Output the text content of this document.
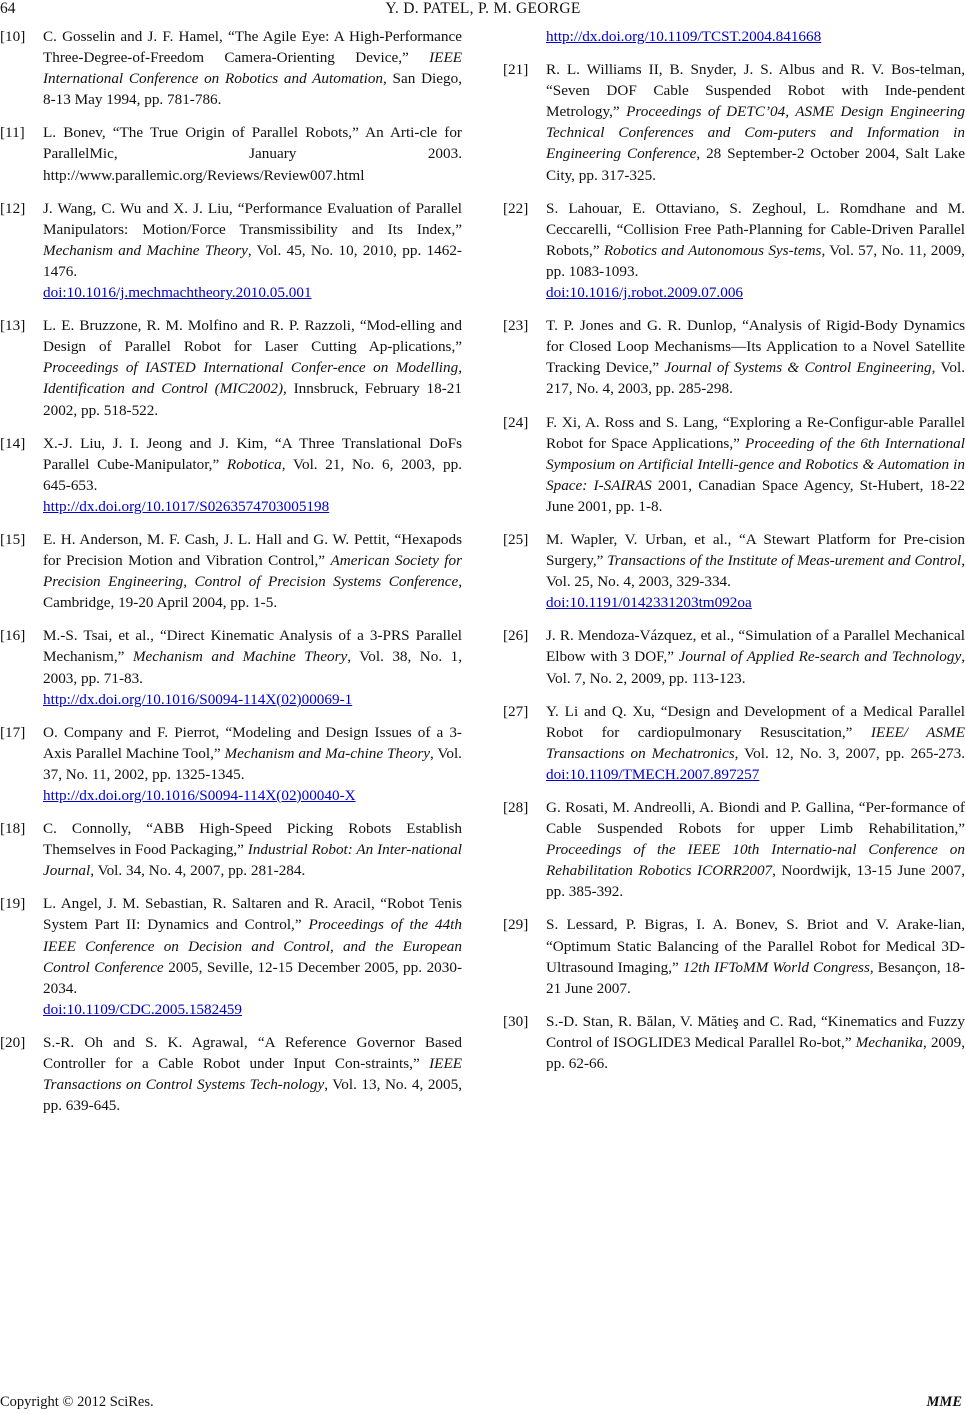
64	Y. D. PATEL, P. M. GEORGE
[10] C. Gosselin and J. F. Hamel, “The Agile Eye: A High-Performance Three-Degree-of-Freedom Camera-Orienting Device,” IEEE International Conference on Robotics and Automation, San Diego, 8-13 May 1994, pp. 781-786.
[11] L. Bonev, “The True Origin of Parallel Robots,” An Arti-cle for ParallelMic, January 2003. http://www.parallemic.org/Reviews/Review007.html
[12] J. Wang, C. Wu and X. J. Liu, “Performance Evaluation of Parallel Manipulators: Motion/Force Transmissibility and Its Index,” Mechanism and Machine Theory, Vol. 45, No. 10, 2010, pp. 1462-1476.
doi:10.1016/j.mechmachtheory.2010.05.001
[13] L. E. Bruzzone, R. M. Molfino and R. P. Razzoli, “Mod-elling and Design of Parallel Robot for Laser Cutting Ap-plications,” Proceedings of IASTED International Confer-ence on Modelling, Identification and Control (MIC2002), Innsbruck, February 18-21 2002, pp. 518-522.
[14] X.-J. Liu, J. I. Jeong and J. Kim, “A Three Translational DoFs Parallel Cube-Manipulator,” Robotica, Vol. 21, No. 6, 2003, pp. 645-653.
http://dx.doi.org/10.1017/S0263574703005198
[15] E. H. Anderson, M. F. Cash, J. L. Hall and G. W. Pettit, “Hexapods for Precision Motion and Vibration Control,” American Society for Precision Engineering, Control of Precision Systems Conference, Cambridge, 19-20 April 2004, pp. 1-5.
[16] M.-S. Tsai, et al., “Direct Kinematic Analysis of a 3-PRS Parallel Mechanism,” Mechanism and Machine Theory, Vol. 38, No. 1, 2003, pp. 71-83.
http://dx.doi.org/10.1016/S0094-114X(02)00069-1
[17] O. Company and F. Pierrot, “Modeling and Design Issues of a 3-Axis Parallel Machine Tool,” Mechanism and Ma-chine Theory, Vol. 37, No. 11, 2002, pp. 1325-1345.
http://dx.doi.org/10.1016/S0094-114X(02)00040-X
[18] C. Connolly, “ABB High-Speed Picking Robots Establish Themselves in Food Packaging,” Industrial Robot: An Inter-national Journal, Vol. 34, No. 4, 2007, pp. 281-284.
[19] L. Angel, J. M. Sebastian, R. Saltaren and R. Aracil, “Robot Tenis System Part II: Dynamics and Control,” Proceedings of the 44th IEEE Conference on Decision and Control, and the European Control Conference 2005, Seville, 12-15 December 2005, pp. 2030-2034.
doi:10.1109/CDC.2005.1582459
[20] S.-R. Oh and S. K. Agrawal, “A Reference Governor Based Controller for a Cable Robot under Input Con-straints,” IEEE Transactions on Control Systems Tech-nology, Vol. 13, No. 4, 2005, pp. 639-645.
http://dx.doi.org/10.1109/TCST.2004.841668
[21] R. L. Williams II, B. Snyder, J. S. Albus and R. V. Bos-telman, “Seven DOF Cable Suspended Robot with Inde-pendent Metrology,” Proceedings of DETC’04, ASME Design Engineering Technical Conferences and Com-puters and Information in Engineering Conference, 28 September-2 October 2004, Salt Lake City, pp. 317-325.
[22] S. Lahouar, E. Ottaviano, S. Zeghoul, L. Romdhane and M. Ceccarelli, “Collision Free Path-Planning for Cable-Driven Parallel Robots,” Robotics and Autonomous Sys-tems, Vol. 57, No. 11, 2009, pp. 1083-1093.
doi:10.1016/j.robot.2009.07.006
[23] T. P. Jones and G. R. Dunlop, “Analysis of Rigid-Body Dynamics for Closed Loop Mechanisms—Its Application to a Novel Satellite Tracking Device,” Journal of Systems & Control Engineering, Vol. 217, No. 4, 2003, pp. 285-298.
[24] F. Xi, A. Ross and S. Lang, “Exploring a Re-Configur-able Parallel Robot for Space Applications,” Proceeding of the 6th International Symposium on Artificial Intelli-gence and Robotics & Automation in Space: I-SAIRAS 2001, Canadian Space Agency, St-Hubert, 18-22 June 2001, pp. 1-8.
[25] M. Wapler, V. Urban, et al., “A Stewart Platform for Pre-cision Surgery,” Transactions of the Institute of Meas-urement and Control, Vol. 25, No. 4, 2003, 329-334.
doi:10.1191/0142331203tm092oa
[26] J. R. Mendoza-Vázquez, et al., “Simulation of a Parallel Mechanical Elbow with 3 DOF,” Journal of Applied Re-search and Technology, Vol. 7, No. 2, 2009, pp. 113-123.
[27] Y. Li and Q. Xu, “Design and Development of a Medical Parallel Robot for cardiopulmonary Resuscitation,” IEEE/ ASME Transactions on Mechatronics, Vol. 12, No. 3, 2007, pp. 265-273. doi:10.1109/TMECH.2007.897257
[28] G. Rosati, M. Andreolli, A. Biondi and P. Gallina, “Per-formance of Cable Suspended Robots for upper Limb Rehabilitation,” Proceedings of the IEEE 10th Internatio-nal Conference on Rehabilitation Robotics ICORR2007, Noordwijk, 13-15 June 2007, pp. 385-392.
[29] S. Lessard, P. Bigras, I. A. Bonev, S. Briot and V. Arake-lian, “Optimum Static Balancing of the Parallel Robot for Medical 3D-Ultrasound Imaging,” 12th IFToMM World Congress, Besançon, 18-21 June 2007.
[30] S.-D. Stan, R. Bălan, V. Mătieş and C. Rad, “Kinematics and Fuzzy Control of ISOGLIDE3 Medical Parallel Ro-bot,” Mechanika, 2009, pp. 62-66.
Copyright © 2012 SciRes.	MME
